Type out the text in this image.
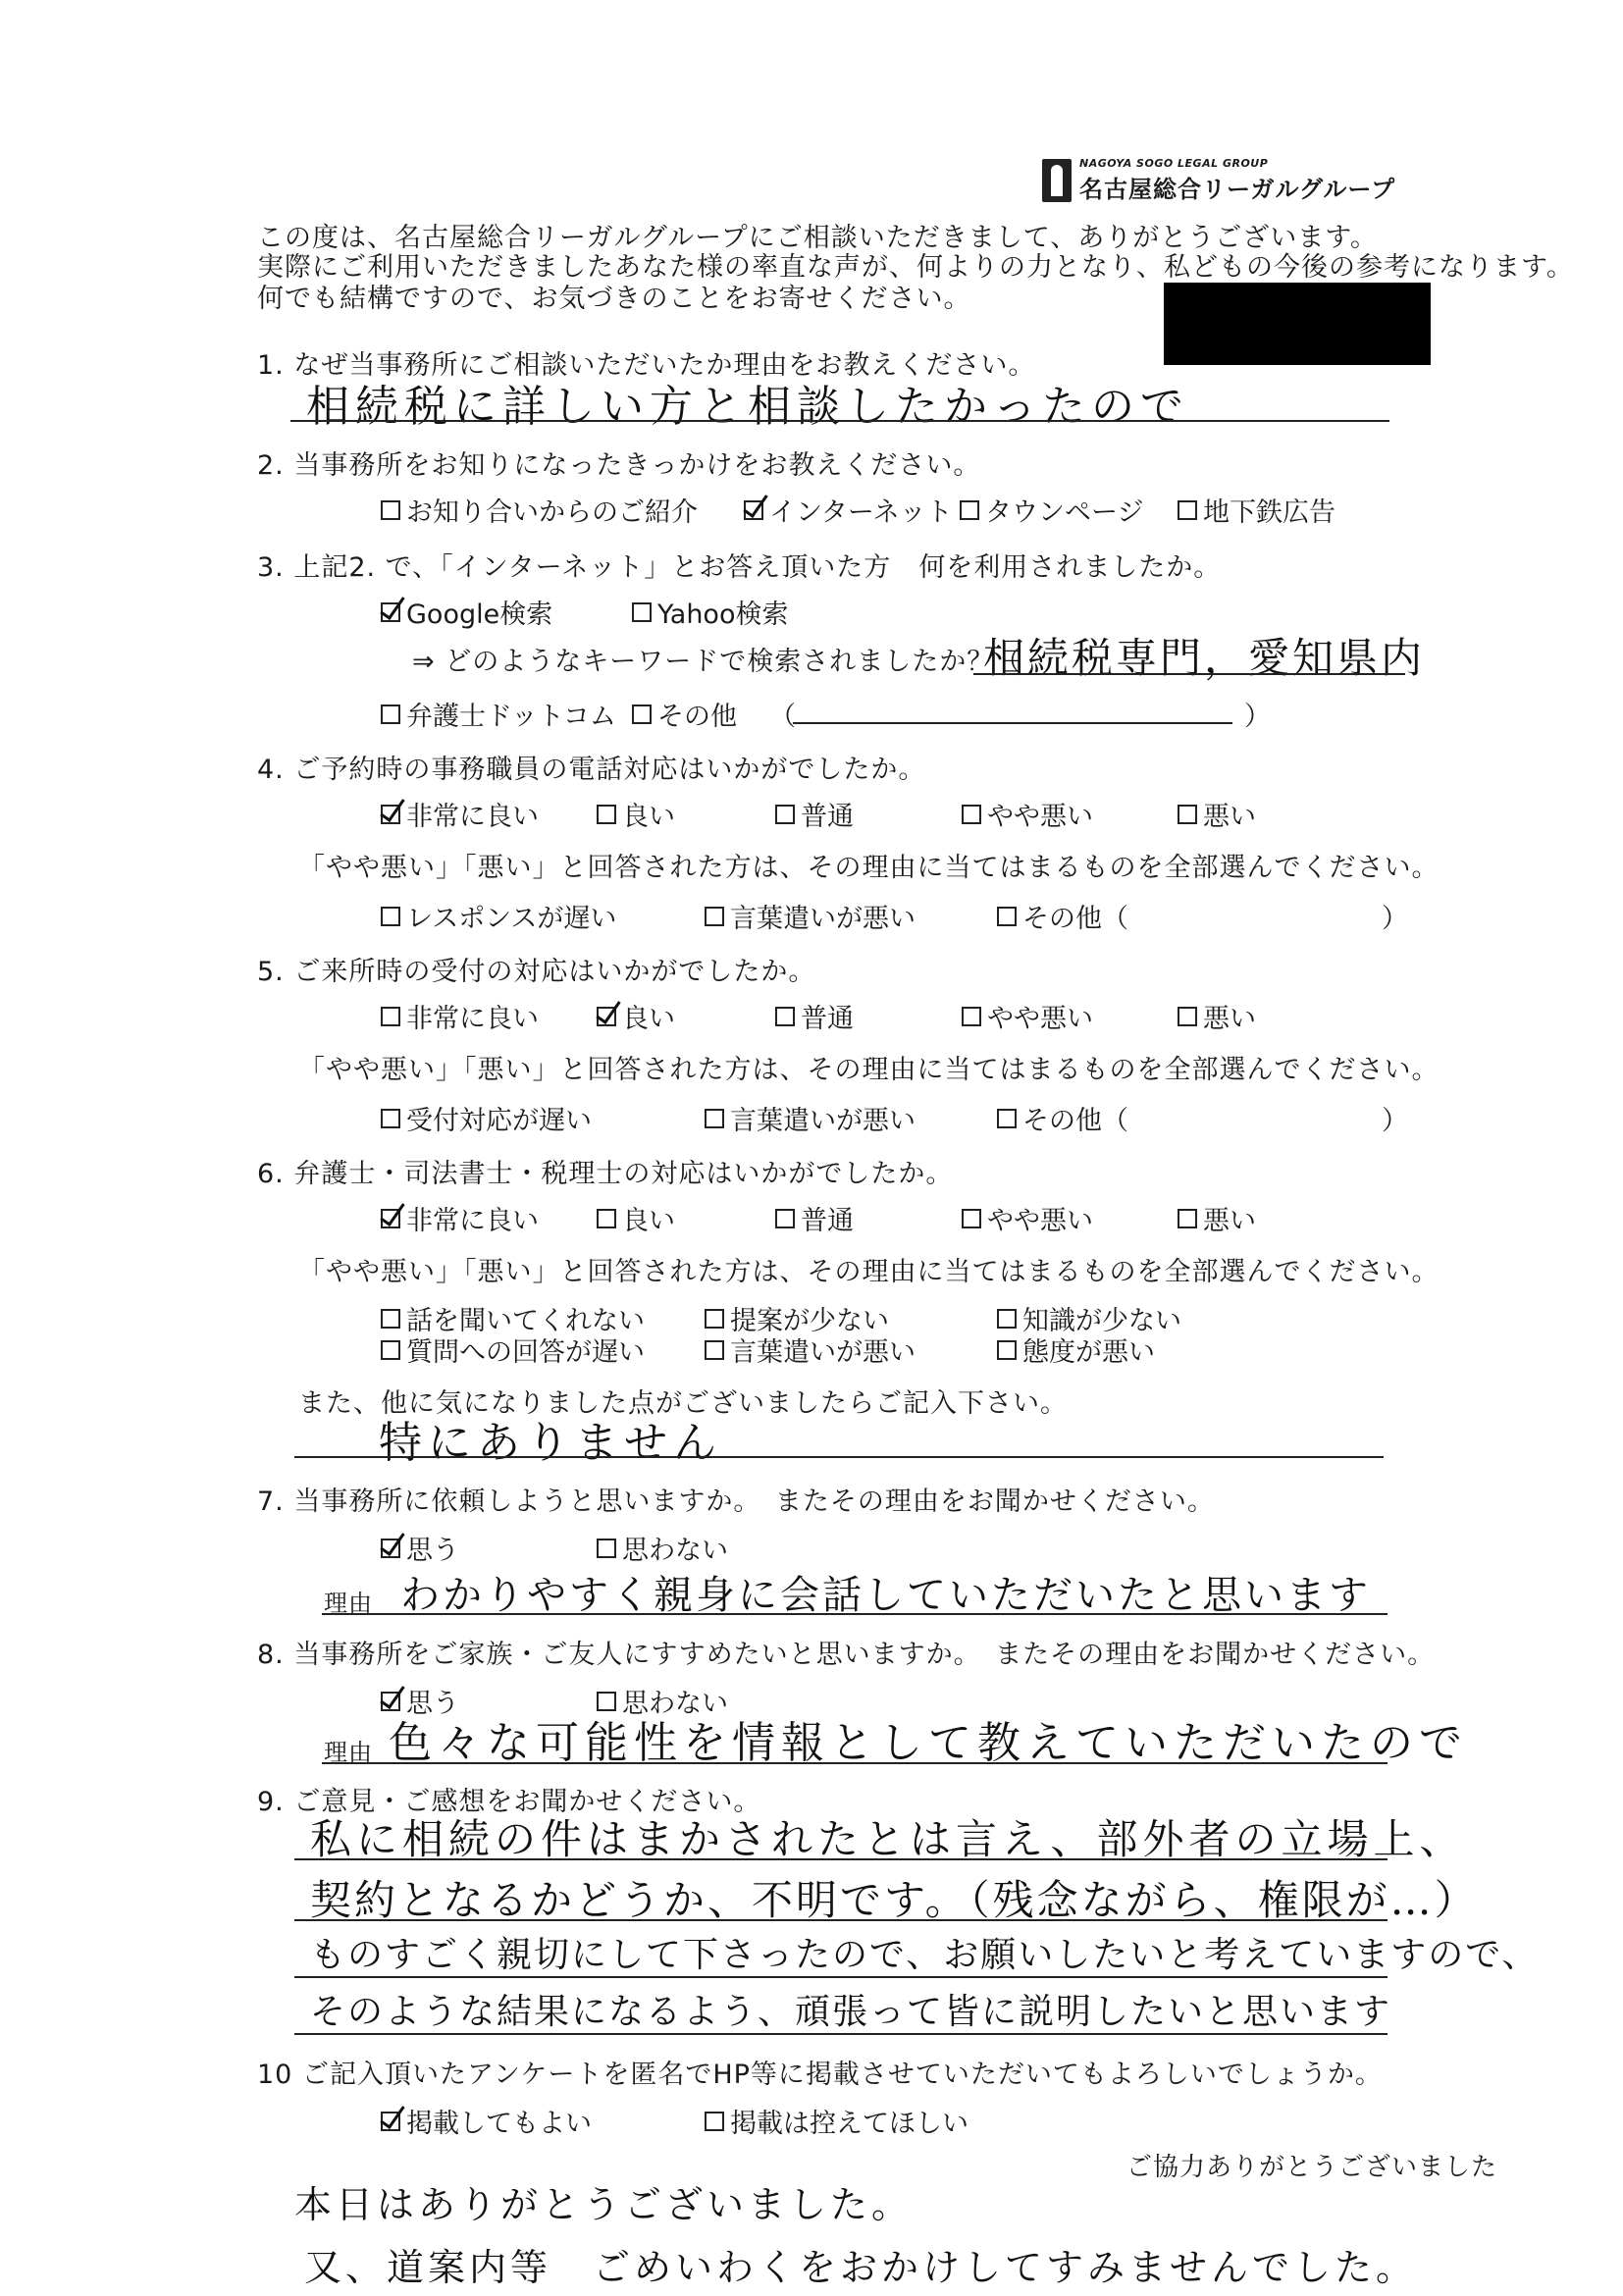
NAGOYA SOGO LEGAL GROUP
名古屋総合リーガルグループ
この度は、名古屋総合リーガルグループにご相談いただきまして、ありがとうございます。
実際にご利用いただきましたあなた様の率直な声が、何よりの力となり、私どもの今後の参考になります。
何でも結構ですので、お気づきのことをお寄せください。
1. なぜ当事務所にご相談いただいたか理由をお教えください。
相続税に詳しい方と相談したかったので
2. 当事務所をお知りになったきっかけをお教えください。
お知り合いからのご紹介	インターネット タウンページ 地下鉄広告
3. 上記2. で、「インターネット」とお答え頂いた方　何を利用されましたか。
Google検索	Yahoo検索
⇒ どのようなキーワードで検索されましたか？（
相続税専門，愛知県内
弁護士ドットコム その他 （	）
4. ご予約時の事務職員の電話対応はいかがでしたか。
非常に良い	良い	普通	やや悪い	悪い
「やや悪い」「悪い」と回答された方は、その理由に当てはまるものを全部選んでください。
レスポンスが遅い	言葉遣いが悪い	その他（	）
5. ご来所時の受付の対応はいかがでしたか。
非常に良い	良い	普通	やや悪い	悪い
「やや悪い」「悪い」と回答された方は、その理由に当てはまるものを全部選んでください。
受付対応が遅い	言葉遣いが悪い	その他（	）
6. 弁護士・司法書士・税理士の対応はいかがでしたか。
非常に良い	良い	普通	やや悪い	悪い
「やや悪い」「悪い」と回答された方は、その理由に当てはまるものを全部選んでください。
話を聞いてくれない	提案が少ない	知識が少ない
質問への回答が遅い	言葉遣いが悪い	態度が悪い
また、他に気になりました点がございましたらご記入下さい。
特にありません
7. 当事務所に依頼しようと思いますか。　またその理由をお聞かせください。
思う	思わない
理由 わかりやすく親身に会話していただいたと思います
8. 当事務所をご家族・ご友人にすすめたいと思いますか。　またその理由をお聞かせください。
思う	思わない
理由 色々な可能性を情報として教えていただいたので
9. ご意見・ご感想をお聞かせください。
私に相続の件はまかされたとは言え、部外者の立場上、
契約となるかどうか、不明です。（残念ながら、権限が…）
ものすごく親切にして下さったので、お願いしたいと考えていますので、
そのような結果になるよう、頑張って皆に説明したいと思います
10 ご記入頂いたアンケートを匿名でHP等に掲載させていただいてもよろしいでしょうか。
掲載してもよい	掲載は控えてほしい
ご協力ありがとうございました
本日はありがとうございました。
又、道案内等　ごめいわくをおかけしてすみませんでした。
